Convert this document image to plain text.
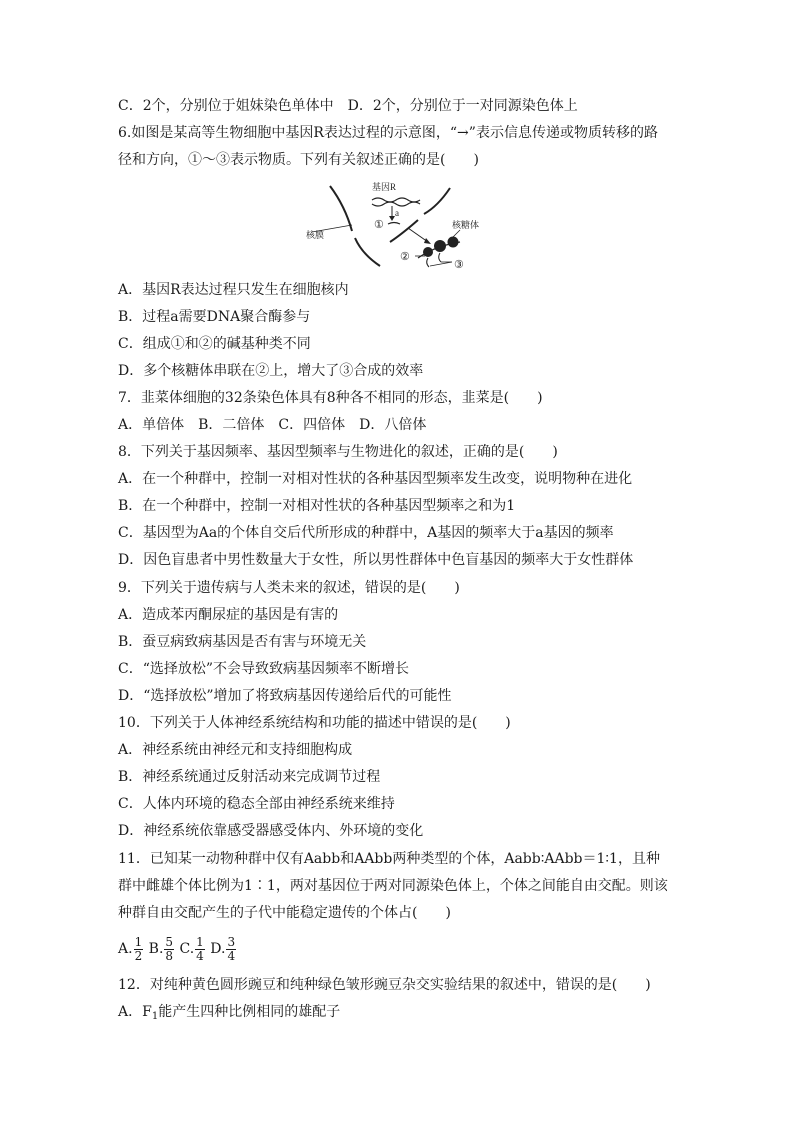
C．2个，分别位于姐妹染色单体中　D．2个，分别位于一对同源染色体上
6.如图是某高等生物细胞中基因R表达过程的示意图，“→”表示信息传递或物质转移的路
径和方向，①～③表示物质。下列有关叙述正确的是(　　)
基因R
a
①
②
③
核糖体
核膜
A．基因R表达过程只发生在细胞核内
B．过程a需要DNA聚合酶参与
C．组成①和②的碱基种类不同
D．多个核糖体串联在②上，增大了③合成的效率
7．韭菜体细胞的32条染色体具有8种各不相同的形态，韭菜是(　　)
A．单倍体　B．二倍体　C．四倍体　D．八倍体
8．下列关于基因频率、基因型频率与生物进化的叙述，正确的是(　　)
A．在一个种群中，控制一对相对性状的各种基因型频率发生改变，说明物种在进化
B．在一个种群中，控制一对相对性状的各种基因型频率之和为1
C．基因型为Aa的个体自交后代所形成的种群中，A基因的频率大于a基因的频率
D．因色盲患者中男性数量大于女性，所以男性群体中色盲基因的频率大于女性群体
9．下列关于遗传病与人类未来的叙述，错误的是(　　)
A．造成苯丙酮尿症的基因是有害的
B．蚕豆病致病基因是否有害与环境无关
C．“选择放松”不会导致致病基因频率不断增长
D．“选择放松”增加了将致病基因传递给后代的可能性
10．下列关于人体神经系统结构和功能的描述中错误的是(　　)
A．神经系统由神经元和支持细胞构成
B．神经系统通过反射活动来完成调节过程
C．人体内环境的稳态全部由神经系统来维持
D．神经系统依靠感受器感受体内、外环境的变化
11．已知某一动物种群中仅有Aabb和AAbb两种类型的个体，Aabb∶AAbb＝1∶1，且种
群中雌雄个体比例为1∶1，两对基因位于两对同源染色体上，个体之间能自由交配。则该
种群自由交配产生的子代中能稳定遗传的个体占(　　)
A. $\frac{1}{2} B$. $\frac{5}{8} C$. $\frac{1}{4} D$. $\frac{3}{4}$
12．对纯种黄色圆形豌豆和纯种绿色皱形豌豆杂交实验结果的叙述中，错误的是(　　)
A．$F_1$能产生四种比例相同的雄配子
